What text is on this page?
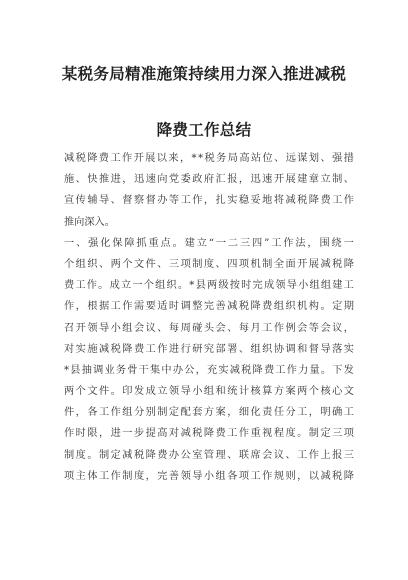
某税务局精准施策持续用力深入推进减税
降费工作总结
减 税 降 费 工 作 开 展 以 来 ， * * 税 务 局 高 站 位 、 远 谋 划 、 强 措
施 、 快 推 进 ， 迅 速 向 党 委 政 府 汇 报 ， 迅 速 开 展 建 章 立 制 、
宣 传 辅 导 、 督 察 督 办 等 工 作 ， 扎 实 稳 妥 地 将 减 税 降 费 工 作
推向深入。
一 、 强 化 保 障 抓 重 点 。 建 立 “ 一 二 三 四 ” 工 作 法 ， 围 绕 一
个 组 织 、 两 个 文 件 、 三 项 制 度 、 四 项 机 制 全 面 开 展 减 税 降
费 工 作 。 成 立 一 个 组 织 。 * 县 两 级 按 时 完 成 领 导 小 组 组 建 工
作 ， 根 据 工 作 需 要 适 时 调 整 完 善 减 税 降 费 组 织 机 构 。 定 期
召 开 领 导 小 组 会 议 、 每 周 碰 头 会 、 每 月 工 作 例 会 等 会 议 ，
对 实 施 减 税 降 费 工 作 进 行 研 究 部 署 、 组 织 协 调 和 督 导 落 实
* 县 抽 调 业 务 骨 干 集 中 办 公 ， 充 实 减 税 降 费 工 作 力 量 。 下 发
两 个 文 件 。 印 发 成 立 领 导 小 组 和 统 计 核 算 方 案 两 个 核 心 文
件 ， 各 工 作 组 分 别 制 定 配 套 方 案 ， 细 化 责 任 分 工 ， 明 确 工
作 时 限 ， 进 一 步 提 高 对 减 税 降 费 工 作 重 视 程 度 。 制 定 三 项
制 度 。 制 定 减 税 降 费 办 公 室 管 理 、 联 席 会 议 、 工 作 上 报 三
项 主 体 工 作 制 度 ， 完 善 领 导 小 组 各 项 工 作 规 则 ， 以 减 税 降
